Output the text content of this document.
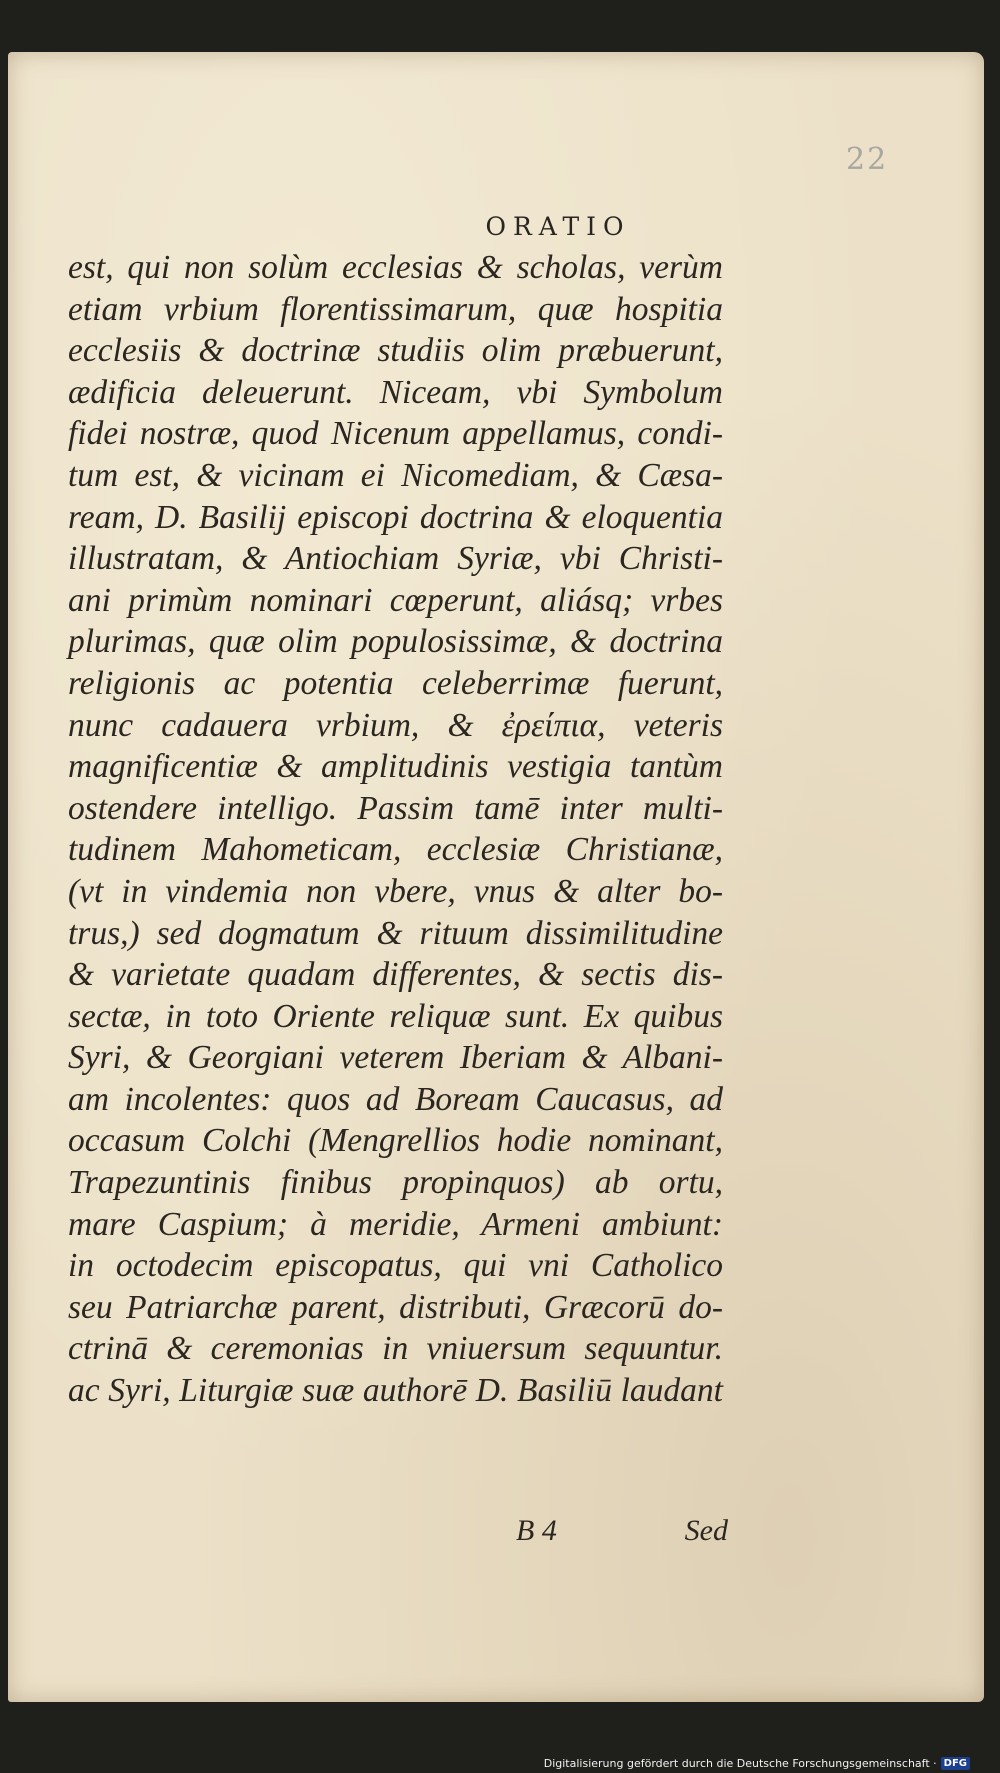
22
ORATIO
est, qui non solùm ecclesias & scholas, verùm
etiam vrbium florentissimarum, quæ hospitia
ecclesiis & doctrinæ studiis olim præbuerunt,
ædificia deleuerunt. Niceam, vbi Symbolum
fidei nostræ, quod Nicenum appellamus, condi-
tum est, & vicinam ei Nicomediam, & Cæsa-
ream, D. Basilij episcopi doctrina & eloquentia
illustratam, & Antiochiam Syriæ, vbi Christi-
ani primùm nominari cœperunt, aliásq; vrbes
plurimas, quæ olim populosissimæ, & doctrina
religionis ac potentia celeberrimæ fuerunt,
nunc cadauera vrbium, & ἐρείπια, veteris
magnificentiæ & amplitudinis vestigia tantùm
ostendere intelligo. Passim tamē inter multi-
tudinem Mahometicam, ecclesiæ Christianæ,
(vt in vindemia non vbere, vnus & alter bo-
trus,) sed dogmatum & rituum dissimilitudine
& varietate quadam differentes, & sectis dis-
sectæ, in toto Oriente reliquæ sunt. Ex quibus
Syri, & Georgiani veterem Iberiam & Albani-
am incolentes: quos ad Boream Caucasus, ad
occasum Colchi (Mengrellios hodie nominant,
Trapezuntinis finibus propinquos) ab ortu,
mare Caspium; à meridie, Armeni ambiunt:
in octodecim episcopatus, qui vni Catholico
seu Patriarchæ parent, distributi, Græcorū do-
ctrinā & ceremonias in vniuersum sequuntur.
ac Syri, Liturgiæ suæ authorē D. Basiliū laudant
B 4	Sed
Digitalisierung gefördert durch die Deutsche Forschungsgemeinschaft · DFG
